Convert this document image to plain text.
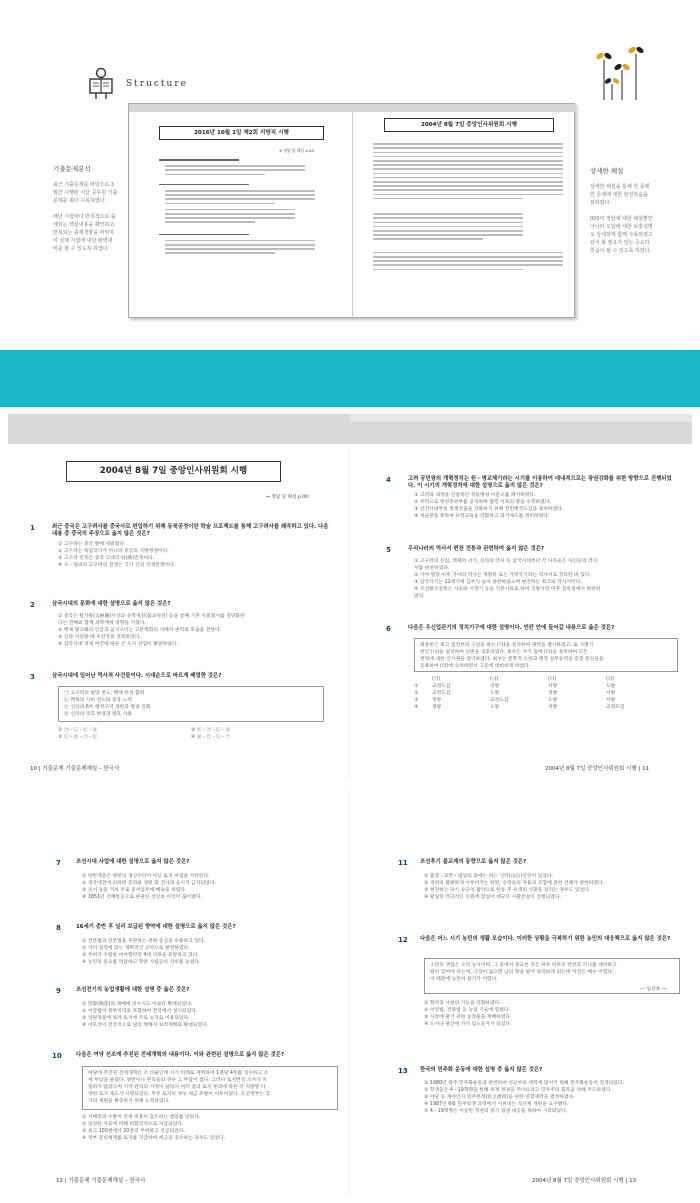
Structure
기출문제분석
최근 기출문제를 바탕으로 3
월간 시행된 시급 공무원 기출
문제를 최다 수록하였다.

해년 시험마다 반복적으로 출
제되는 핵심내용을 확인하고,
반복되는 출제경향을 파악하
여 실제 시험에 대한 완벽대
비를 할 수 있도록 하였다.
상세한 해설
상세한 해설을 통해 한 문제
한 문제에 대한 완전학습을
꾀하였다.

000여 정답에 대한 해설뿐만
아니라 오답에 대한 보충설명
도 상세하게 함께 수록하였고
되어 볼 필요가 있는 중요하
학습이 될 수 있도록 하였다.
2016년 10월 1일 제2회 지방직 시행
※ 정답 및 해설 p.44
2004년 8월 7일 중앙인사위원회 시행
2004년 8월 7일 중앙인사위원회 시행
⇒ 정답 및 해설 p.00
1	최근 중국은 고구려사를 중국사로 편입하기 위해 동북공정이란 학술 프로젝트를 통해 고구려사를 왜곡하고 있다. 다음 내용 중 중국의 주장으로 옳지 않은 것은?
① 고구려는 중국 땅에 세워졌다.
② 고구려는 독립국가가 아니라 중국의 지방정권이다.
③ 고구려 민족은 중국 고대의 한(漢)민족이다.
④ 수・당과의 고구려의 전쟁은 국가 간의 국제전쟁이다.
2	삼국시대의 문화에 대한 설명으로 옳지 않은 것은?
① 중국은 황가룡(太極圖)사상과 유학경전(불교경전) 등을 통해 기존 사회질서를 정당화한
다는 견해와 함께 과학계에 영향을 끼쳤다.
② 백제 왕고왜의 인급과 음지오미는 고분벽화의 지배자 권력의 모습을 전한다.
③ 신라 지증왕 때 우산국을 정복하였다.
④ 삼국시대 경제 여건에 따른 큰 도시 상업이 발달하였다.
3	삼국시대에 일어난 역사적 사건들이다. 시대순으로 바르게 배열한 것은?
㉠ 고구려의 평양 천도, 백제 한성 함락
㉡ 백제의 사비 천도와 중흥 노력
㉢ 신라의 6부 행정구역 개편과 왕권 강화
㉣ 신라의 국호 변경과 왕호 사용
① ㉠ - ㉡ - ㉢ - ㉣	② ㉢ - ㉠ - ㉡ - ㉣
③ ㉡ - ㉣ - ㉠ - ㉢	④ ㉣ - ㉢ - ㉡ - ㉠
10 | 기출문제 기출문제해설 – 한국사
4	고려 공민왕의 개혁정치는 원・명교체기라는 시기를 이용하여 대내적으로는 왕권강화를 위한 방향으로 진행되었다. 이 시기의 개혁정치에 대한 설명으로 옳지 않은 것은?
① 고려의 내정을 간섭하던 정동행성 이문소를 폐지하였다.
② 무력으로 쌍성총관부를 공격하여 철령 이북의 땅을 수복하였다.
③ 신진사대부의 정계진출을 강화하기 위해 전민변정도감을 설치하였다.
④ 성균관을 통하여 유학교육을 강화하고 과거제도를 정비하였다.
5	우리나라의 역사서 편찬 전통과 관련하여 옳지 않은 것은?
① 고구려의 신집, 백제의 서기, 신라의 국사 등 삼국시대부터 각 나라들은 자신들의 역사
서를 편찬하였다.
② 가야 멸망 이후 가야의 역사는 개황록 또는 가락국기라는 역사서로 정리된 바 있다.
③ 삼국사기는 12세기에 김부식 등이 편찬하였으며 현전하는 최고의 역사서이다.
④ 조선왕조실록은 사초와 시정기 등을 기본사료로 하여 국왕사망 이후 실록청에서 편찬하
였다.
6	다음은 우신업관기의 정치기구에 대한 설명이다. 빈칸 안에 들어갈 내용으로 옳은 것은?
최충헌은 최고 집정부의 구실을 하는 (가)을 설치하여 권력을 행사하였고, 또 사병기
관인 (나)을 설치하여 신변을 경호하였다. 최우는 자기 집에 (다)을 설치하여 모든
관직에 대한 인사권을 장악하였다. 최우는 문학적 소양과 행정 실무능력을 갖춘 문신들을
등용하여 (라)에 숙위하면서 고문에 대비하게 하였다.
(가)	(나)	(다)	(라)
①	교정도감	정방	서방	도방
②	교정도감	도방	정방	서방
③	정방	교정도감	도방	서방
④	정방	도방	서방	교정도감
2004년 8월 7일 중앙인사위원회 시행 | 11
7	조선시대 사업에 대한 설명으로 옳지 않은 것은?
① 양반계층은 양반의 생산수단이 아닌 토지 마점을 가리킨다.
② 경국대전에 의하면 문과와 생원 및 진사과 응시가 금지되었다.
③ 조서 등을 거쳐 주로 중서업무에 배속을 하였다.
④ 1851년 신해통공으로 판권한 상인의 이익이 끊어졌다.
8	16세기 중반 후 널리 보급된 향약에 대한 설명으로 옳지 않은 것은?
① 전분법과 연분법을 주관하는 관원 중심을 수용하고 있다.
② 지역 실정에 맞는 계획적인 공약으로 발전하였다.
③ 주희가 수립한 여씨향약의 4대 덕목을 표방하고 있다.
④ 농민의 동요를 억압하고 향촌 사림들의 지위를 높였다.
9	조선전기의 농업생활에 대한 설명 중 옳은 것은?
① 면화(綿花)의 재배에 비수지도 이보다 확대되었다.
② 이앙법이 북부지역을 포함하여 전국에서 실시되었다.
③ 잉원경물에 따라 토지에 주로 농지로 이용되었다.
④ 이모작이 전국적으로 널리 행해져 보리재배로 확대되었다.
10	다음은 여당 선조에 추진된 전세개혁의 내용이다. 이와 관련된 설명으로 옳지 않은 것은?
여당에 추진된 전세개혁은 조 비율인데 시기 비례로 개혁하여 1결당 4두를 징수하고 조
세 부담을 줄였다. 양반이나 관리들의 경우 그 부담이 컸다. 그러나 토지면적 조사가 치
밀하지 않았으며 지역 관리의 사정이 달라서 여러 결과 토지 부과에 따른 각 지방별 다
양한 토지 제도가 시행되었다. 무주 토지의 경우 세금 포탈이 이루어졌다. 조선정부는 국
가의 세원을 확충하기 위해 노력하였다.
① 지배층의 수탈이 전세 비용이 감소하는 결과를 낳았다.
② 일정한 자료에 비해 비합리적으로 지급되었다.
③ 최고 100결에서 20결의 부여하고 지급되었다.
④ 정부 관리체계를 토지를 지급하여 세금을 징수하는 경우도 있었다.
12 | 기출문제 기출문제해설 – 한국사
11 조선후기 불교계의 동향으로 옳지 않은 것은?
① 불상・교학・법당의 중에는 하는 산악(山岳)신앙이 있었다.
② 경허의 활발하게 이루어지는 한편, 승려들의 자율과 조합에 관한 견해가 중한하였다.
③ 현전하는 당시 승군이 활약으로 한동 후 유생의 사찰을 살리는 경우도 있었다.
④ 왕실의 적극적인 지원에 힘입어 대규모 사찰건설이 진행되었다.
12 다음은 어느 시기 농민의 생활 모습이다. 이러한 상황을 극복하기 위한 농민의 대응책으로 옳지 않은 것은?
소민의 생업은 오직 농사이며, 그 중에서 중요한 것은 하루 하루의 반찬과 끼니를 대비하고
땅이 있어야 하는데, 그것이 없으면 남의 땅을 빌어 경작하게 되는데 이것은 매우 어렵다.
이 때문에 농민이 살기가 어렵다.
— 임상옥 —
① 향약과 사창의 기능을 강화하였다.
② 이앙법, 견종법 등 농업 기술에 힘썼다.
③ 시장에 팔기 위한 농작물을 재배하였다.
④ 도시나 광산에 가서 임노동자가 되었다.
13 한국의 민주화 운동에 대한 설명 중 옳지 않은 것은?
① 1980년 광주 민주화운동과 관련하여 신군부의 세력에 맞서기 위해 민주화운동이 전개되었다.
② 학생들은 4・19혁명을 통해 독재 정권을 무너뜨리고 민주주의 회복을 위해 주도하였다.
③ 야당 등 재야인사 민주헌정(民主憲政)을 위한 연합세력을 결성하였다.
④ 1987년 6월 민주항쟁 과정에서 시위대는 직선제 개헌을 요구했다.
⑤ 4・19혁명은 이승만 정권의 장기 집권 대응을 위하여 시작되었다.
2004년 8월 7일 중앙인사위원회 시행 | 13
